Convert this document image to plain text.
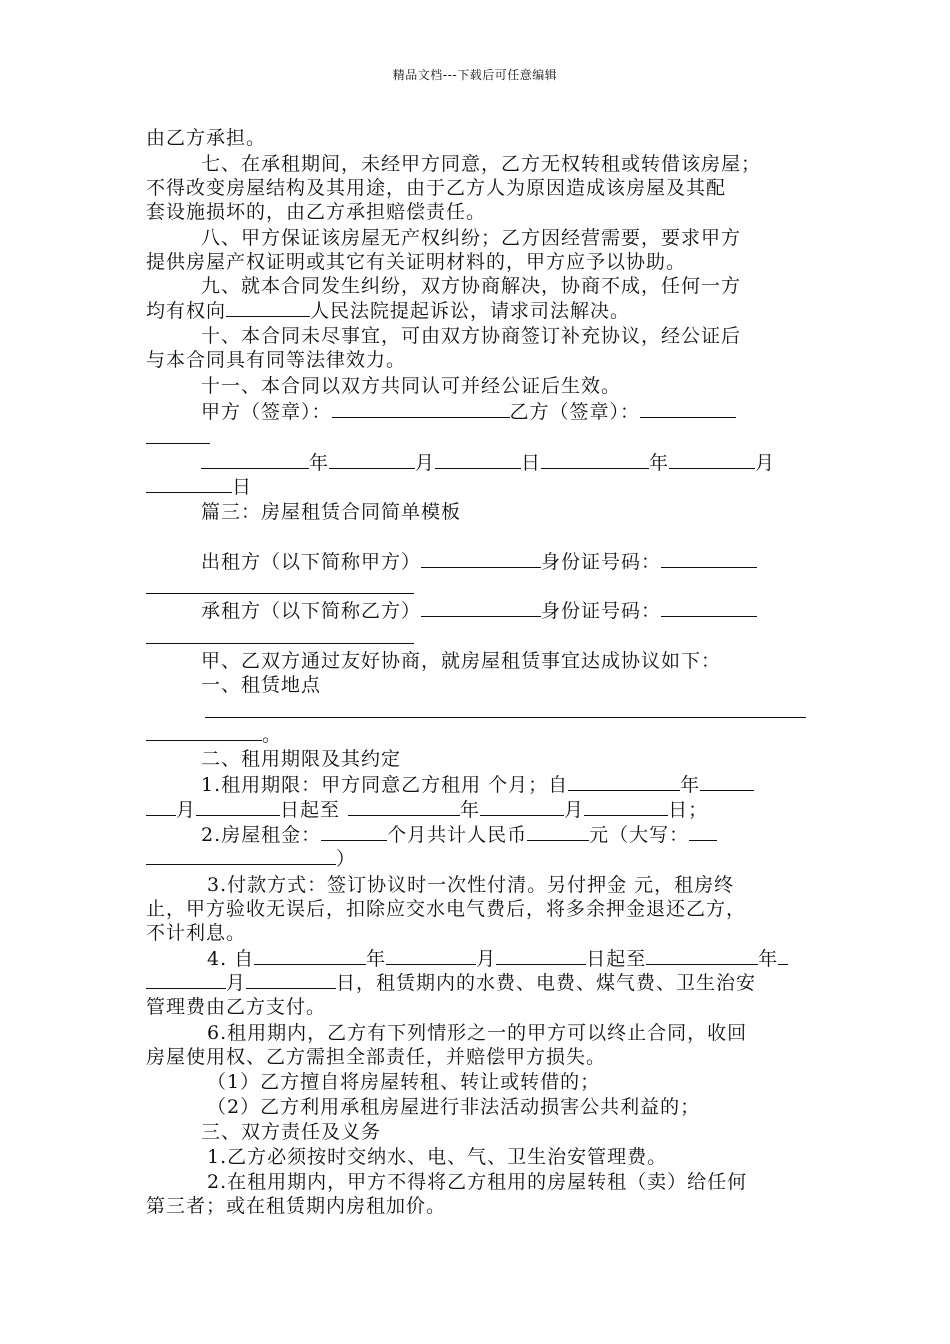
精品文档---下载后可任意编辑
由乙方承担。
七、在承租期间，未经甲方同意，乙方无权转租或转借该房屋；
不得改变房屋结构及其用途，由于乙方人为原因造成该房屋及其配
套设施损坏的，由乙方承担赔偿责任。
八、甲方保证该房屋无产权纠纷；乙方因经营需要，要求甲方
提供房屋产权证明或其它有关证明材料的，甲方应予以协助。
九、就本合同发生纠纷，双方协商解决，协商不成，任何一方
均有权向	人民法院提起诉讼，请求司法解决。
十、本合同未尽事宜，可由双方协商签订补充协议，经公证后
与本合同具有同等法律效力。
十一、本合同以双方共同认可并经公证后生效。
甲方（签章）：	乙方（签章）：
年	月	日	年	月
日
篇三：房屋租赁合同简单模板
出租方（以下简称甲方）	身份证号码：
承租方（以下简称乙方）	身份证号码：
甲、乙双方通过友好协商，就房屋租赁事宜达成协议如下：
一、租赁地点
。
二、租用期限及其约定
1.租用期限：甲方同意乙方租用 个月；自	年
月	日起至	年	月	日；
2.房屋租金：	个月共计人民币	元（大写：
）
3.付款方式：签订协议时一次性付清。另付押金 元，租房终
止，甲方验收无误后，扣除应交水电气费后，将多余押金退还乙方，
不计利息。
4. 自	年	月	日起至	年
月	日，租赁期内的水费、电费、煤气费、卫生治安
管理费由乙方支付。
6.租用期内，乙方有下列情形之一的甲方可以终止合同，收回
房屋使用权、乙方需担全部责任，并赔偿甲方损失。
（1）乙方擅自将房屋转租、转让或转借的；
（2）乙方利用承租房屋进行非法活动损害公共利益的；
三、双方责任及义务
1.乙方必须按时交纳水、电、气、卫生治安管理费。
2.在租用期内，甲方不得将乙方租用的房屋转租（卖）给任何
第三者；或在租赁期内房租加价。
